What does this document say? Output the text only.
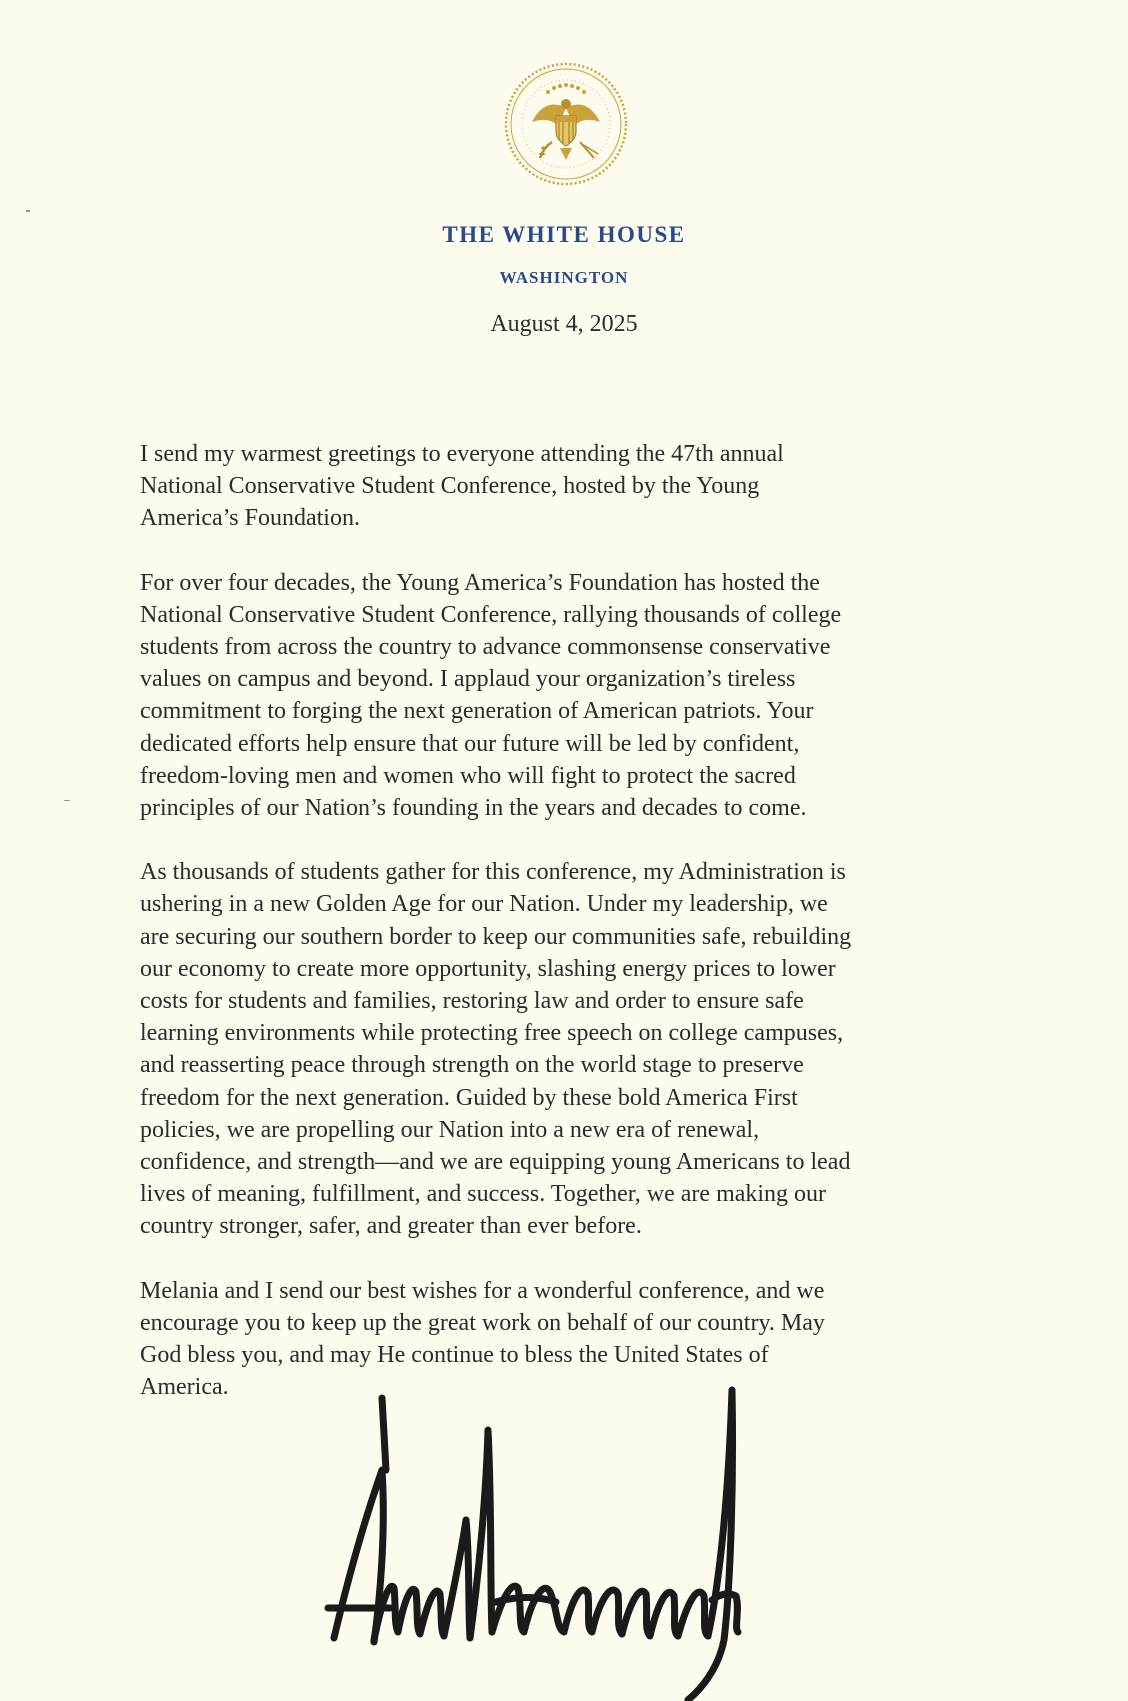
THE WHITE HOUSE
WASHINGTON
August 4, 2025

I send my warmest greetings to everyone attending the 47th annual
National Conservative Student Conference, hosted by the Young
America’s Foundation.

For over four decades, the Young America’s Foundation has hosted the
National Conservative Student Conference, rallying thousands of college
students from across the country to advance commonsense conservative
values on campus and beyond. I applaud your organization’s tireless
commitment to forging the next generation of American patriots. Your
dedicated efforts help ensure that our future will be led by confident,
freedom-loving men and women who will fight to protect the sacred
principles of our Nation’s founding in the years and decades to come.

As thousands of students gather for this conference, my Administration is
ushering in a new Golden Age for our Nation. Under my leadership, we
are securing our southern border to keep our communities safe, rebuilding
our economy to create more opportunity, slashing energy prices to lower
costs for students and families, restoring law and order to ensure safe
learning environments while protecting free speech on college campuses,
and reasserting peace through strength on the world stage to preserve
freedom for the next generation. Guided by these bold America First
policies, we are propelling our Nation into a new era of renewal,
confidence, and strength—and we are equipping young Americans to lead
lives of meaning, fulfillment, and success. Together, we are making our
country stronger, safer, and greater than ever before.

Melania and I send our best wishes for a wonderful conference, and we
encourage you to keep up the great work on behalf of our country. May
God bless you, and may He continue to bless the United States of
America.
